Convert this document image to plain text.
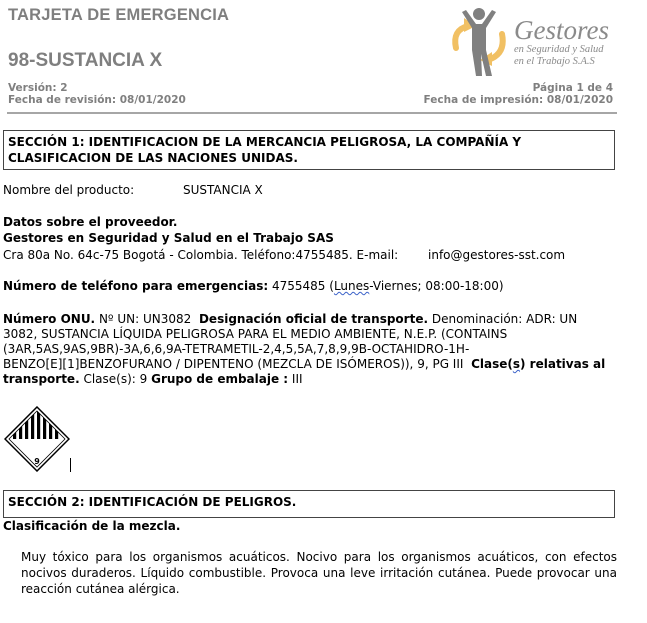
TARJETA DE EMERGENCIA
98-SUSTANCIA X
Versión: 2
Fecha de revisión: 08/01/2020
Página 1 de 4
Fecha de impresión: 08/01/2020
Gestores
en Seguridad y Salud
en el Trabajo S.A.S
SECCIÓN 1: IDENTIFICACION DE LA MERCANCIA PELIGROSA, LA COMPAÑÍA Y CLASIFICACION DE LAS NACIONES UNIDAS.
Nombre del producto:	SUSTANCIA X
Datos sobre el proveedor.
Gestores en Seguridad y Salud en el Trabajo SAS
Cra 80a No. 64c-75 Bogotá - Colombia. Teléfono:4755485. E-mail: info@gestores-sst.com
Número de teléfono para emergencias: 4755485 (Lunes-Viernes; 08:00-18:00)
Número ONU. Nº UN: UN3082 Designación oficial de transporte. Denominación: ADR: UN
3082, SUSTANCIA LÍQUIDA PELIGROSA PARA EL MEDIO AMBIENTE, N.E.P. (CONTAINS
(3AR,5AS,9AS,9BR)-3A,6,6,9A-TETRAMETIL-2,4,5,5A,7,8,9,9B-OCTAHIDRO-1H-
BENZO[E][1]BENZOFURANO / DIPENTENO (MEZCLA DE ISÓMEROS)), 9, PG III Clase(s) relativas al
transporte. Clase(s): 9 Grupo de embalaje : III
9
SECCIÓN 2: IDENTIFICACIÓN DE PELIGROS.
Clasificación de la mezcla.
Muy tóxico para los organismos acuáticos. Nocivo para los organismos acuáticos, con efectos nocivos duraderos. Líquido combustible. Provoca una leve irritación cutánea. Puede provocar una reacción cutánea alérgica.
